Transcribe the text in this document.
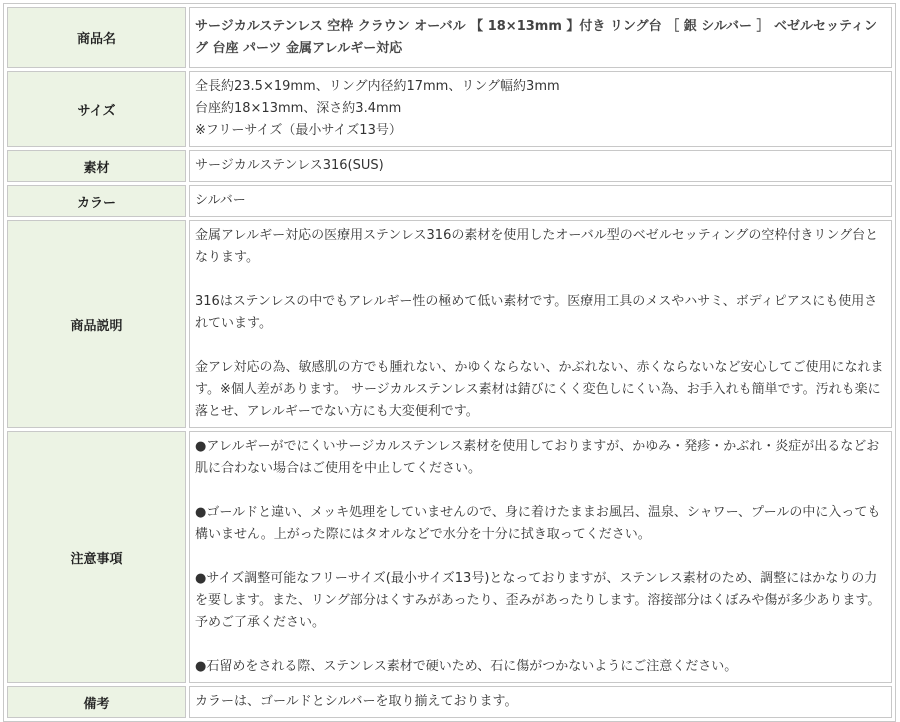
商品名	サージカルステンレス 空枠 クラウン オーバル 【 18×13mm 】付き リング台 ［ 銀 シルバー ］ ベゼルセッティング 台座 パーツ 金属アレルギー対応
サイズ	全長約23.5×19mm、リング内径約17mm、リング幅約3mm
台座約18×13mm、深さ約3.4mm
※フリーサイズ（最小サイズ13号）

素材	サージカルステンレス316(SUS)
カラー	シルバー
商品説明	金属アレルギー対応の医療用ステンレス316の素材を使用したオーバル型のベゼルセッティングの空枠付きリング台となります。
316はステンレスの中でもアレルギー性の極めて低い素材です。医療用工具のメスやハサミ、ボディピアスにも使用されています。
金アレ対応の為、敏感肌の方でも腫れない、かゆくならない、かぶれない、赤くならないなど安心してご使用になれます。※個人差があります。 サージカルステンレス素材は錆びにくく変色しにくい為、お手入れも簡単です。汚れも楽に落とせ、アレルギーでない方にも大変便利です。

注意事項	●アレルギーがでにくいサージカルステンレス素材を使用しておりますが、かゆみ・発疹・かぶれ・炎症が出るなどお肌に合わない場合はご使用を中止してください。
●ゴールドと違い、メッキ処理をしていませんので、身に着けたままお風呂、温泉、シャワー、プールの中に入っても構いません。上がった際にはタオルなどで水分を十分に拭き取ってください。
●サイズ調整可能なフリーサイズ(最小サイズ13号)となっておりますが、ステンレス素材のため、調整にはかなりの力を要します。また、リング部分はくすみがあったり、歪みがあったりします。溶接部分はくぼみや傷が多少あります。予めご了承ください。
●石留めをされる際、ステンレス素材で硬いため、石に傷がつかないようにご注意ください。

備考	カラーは、ゴールドとシルバーを取り揃えております。
